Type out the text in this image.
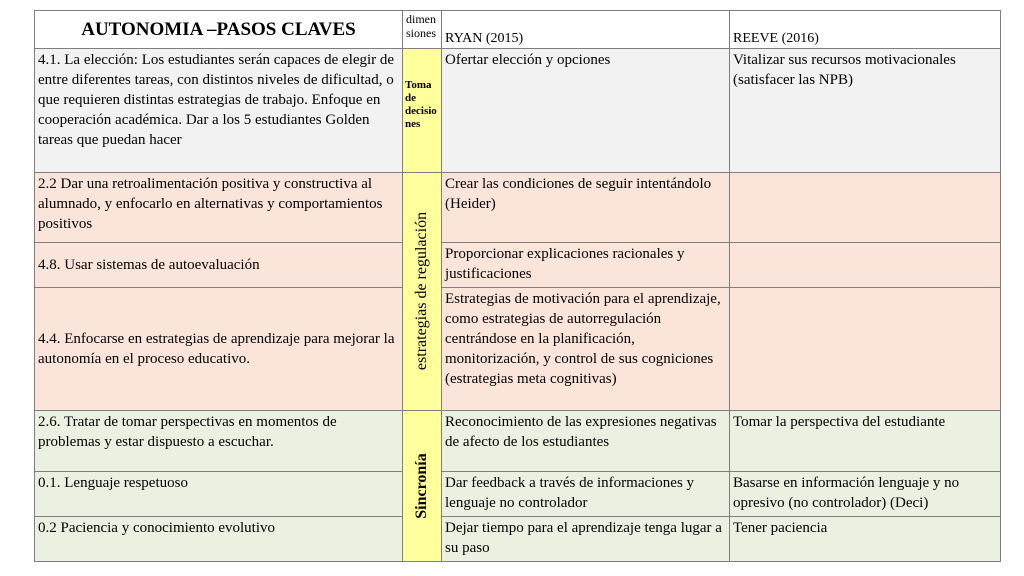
AUTONOMIA –PASOS CLAVES	dimen siones	RYAN (2015)	REEVE (2016)
4.1. La elección: Los estudiantes serán capaces de elegir de entre diferentes tareas, con distintos niveles de dificultad, o que requieren distintas estrategias de trabajo. Enfoque en cooperación académica. Dar a los 5 estudiantes Golden tareas que puedan hacer	Toma de decisio nes	Ofertar elección y opciones	Vitalizar sus recursos motivacionales (satisfacer las NPB)
2.2 Dar una retroalimentación positiva y constructiva al alumnado, y enfocarlo en alternativas y comportamientos positivos	estrategias de regulación	Crear las condiciones de seguir intentándolo (Heider)	
4.8. Usar sistemas de autoevaluación		Proporcionar explicaciones racionales y justificaciones	
4.4. Enfocarse en estrategias de aprendizaje para mejorar la autonomía en el proceso educativo.		Estrategias de motivación para el aprendizaje, como estrategias de autorregulación centrándose en la planificación, monitorización, y control de sus cogniciones (estrategias meta cognitivas)	
2.6. Tratar de tomar perspectivas en momentos de problemas y estar dispuesto a escuchar.	Sincronía	Reconocimiento de las expresiones negativas de afecto de los estudiantes	Tomar la perspectiva del estudiante
0.1. Lenguaje respetuoso		Dar feedback a través de informaciones y lenguaje no controlador	Basarse en información lenguaje y no opresivo (no controlador) (Deci)
0.2 Paciencia y conocimiento evolutivo		Dejar tiempo para el aprendizaje tenga lugar a su paso	Tener paciencia
